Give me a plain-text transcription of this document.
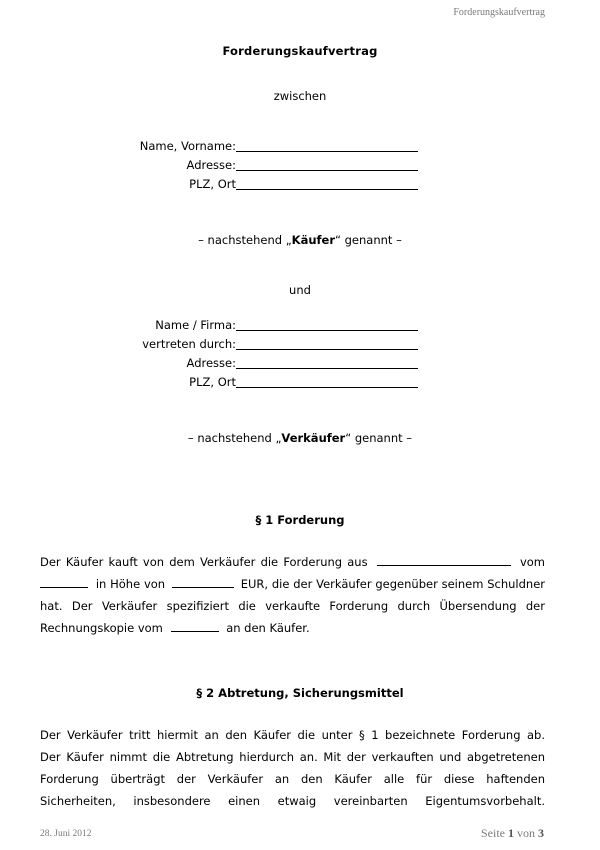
Forderungskaufvertrag
Forderungskaufvertrag
zwischen
Name, Vorname:
Adresse:
PLZ, Ort
– nachstehend „Käufer“ genannt –
und
Name / Firma:
vertreten durch:
Adresse:
PLZ, Ort
– nachstehend „Verkäufer“ genannt –
§ 1 Forderung
Der Käufer kauft von dem Verkäufer die Forderung aus	vom
in Höhe von	EUR, die der Verkäufer gegenüber seinem Schuldner
hat. Der Verkäufer spezifiziert die verkaufte Forderung durch Übersendung der
Rechnungskopie vom	an den Käufer.
§ 2 Abtretung, Sicherungsmittel
Der Verkäufer tritt hiermit an den Käufer die unter § 1 bezeichnete Forderung ab.
Der Käufer nimmt die Abtretung hierdurch an. Mit der verkauften und abgetretenen
Forderung überträgt der Verkäufer an den Käufer alle für diese haftenden
Sicherheiten, insbesondere einen etwaig vereinbarten Eigentumsvorbehalt.
28. Juni 2012	Seite 1 von 3
